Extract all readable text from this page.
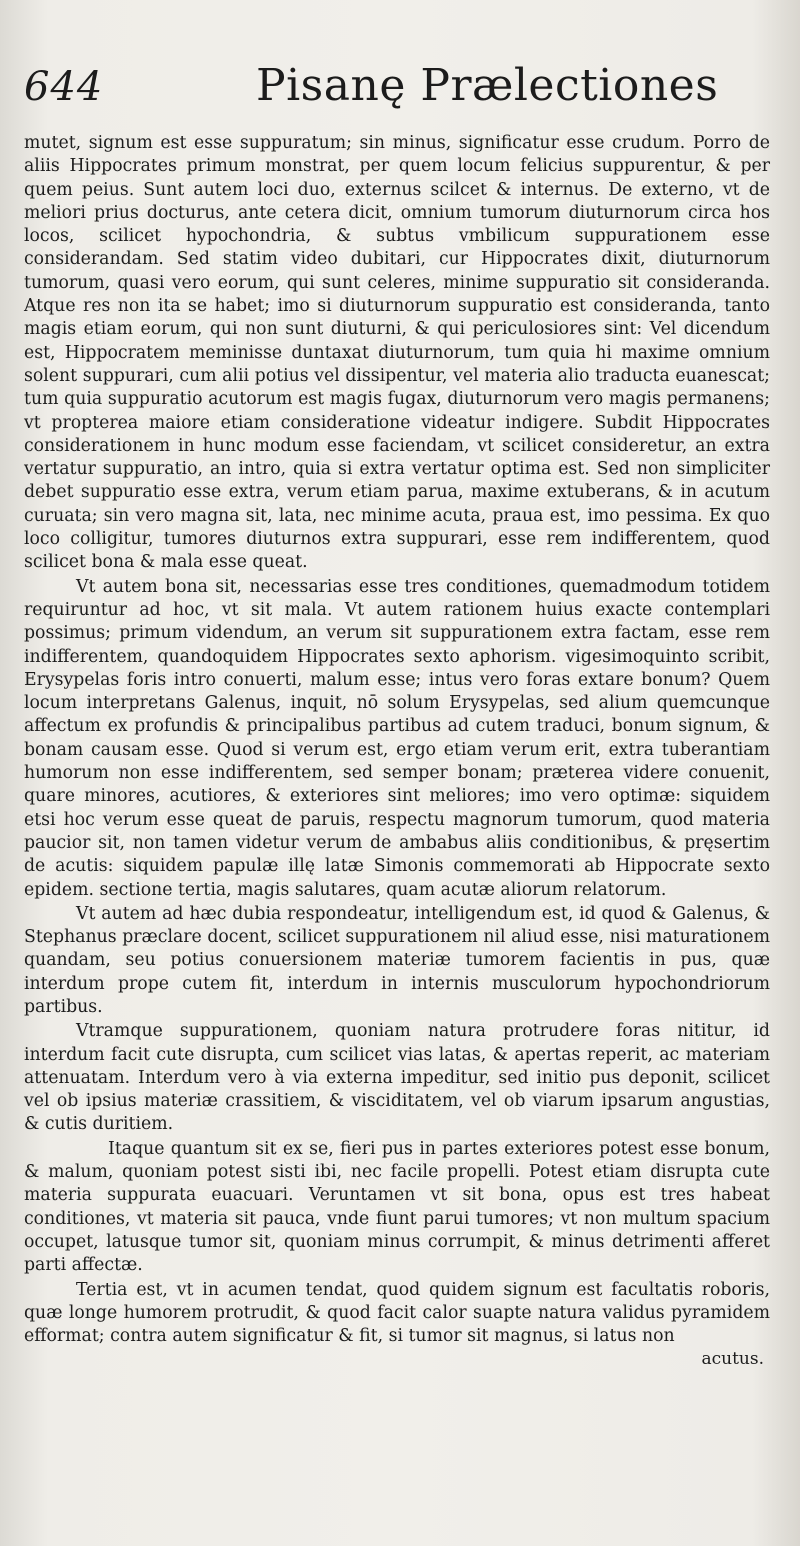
644	Pisanę Prælectiones

mutet, signum est esse suppuratum; sin minus, significatur esse crudum. Porro de aliis Hippocrates primum monstrat, per quem locum felicius suppurentur, & per quem peius. Sunt autem loci duo, externus scilcet & internus. De externo, vt de meliori prius docturus, ante cetera dicit, omnium tumorum diuturnorum circa hos locos, scilicet hypochondria, & subtus vmbilicum suppurationem esse considerandam. Sed statim video dubitari, cur Hippocrates dixit, diuturnorum tumorum, quasi vero eorum, qui sunt celeres, minime suppuratio sit consideranda. Atque res non ita se habet; imo si diuturnorum suppuratio est consideranda, tanto magis etiam eorum, qui non sunt diuturni, & qui periculosiores sint: Vel dicendum est, Hippocratem meminisse duntaxat diuturnorum, tum quia hi maxime omnium solent suppurari, cum alii potius vel dissipentur, vel materia alio traducta euanescat; tum quia suppuratio acutorum est magis fugax, diuturnorum vero magis permanens; vt propterea maiore etiam consideratione videatur indigere. Subdit Hippocrates considerationem in hunc modum esse faciendam, vt scilicet consideretur, an extra vertatur suppuratio, an intro, quia si extra vertatur optima est. Sed non simpliciter debet suppuratio esse extra, verum etiam parua, maxime extuberans, & in acutum curuata; sin vero magna sit, lata, nec minime acuta, praua est, imo pessima. Ex quo loco colligitur, tumores diuturnos extra suppurari, esse rem indifferentem, quod scilicet bona & mala esse queat.

Vt autem bona sit, necessarias esse tres conditiones, quemadmodum totidem requiruntur ad hoc, vt sit mala. Vt autem rationem huius exacte contemplari possimus; primum videndum, an verum sit suppurationem extra factam, esse rem indifferentem, quandoquidem Hippocrates sexto aphorism. vigesimoquinto scribit, Erysypelas foris intro conuerti, malum esse; intus vero foras extare bonum? Quem locum interpretans Galenus, inquit, nō solum Erysypelas, sed alium quemcunque affectum ex profundis & principalibus partibus ad cutem traduci, bonum signum, & bonam causam esse. Quod si verum est, ergo etiam verum erit, extra tuberantiam humorum non esse indifferentem, sed semper bonam; præterea videre conuenit, quare minores, acutiores, & exteriores sint meliores; imo vero optimæ: siquidem etsi hoc verum esse queat de paruis, respectu magnorum tumorum, quod materia paucior sit, non tamen videtur verum de ambabus aliis conditionibus, & pręsertim de acutis: siquidem papulæ illę latæ Simonis commemorati ab Hippocrate sexto epidem. sectione tertia, magis salutares, quam acutæ aliorum relatorum.

Vt autem ad hæc dubia respondeatur, intelligendum est, id quod & Galenus, & Stephanus præclare docent, scilicet suppurationem nil aliud esse, nisi maturationem quandam, seu potius conuersionem materiæ tumorem facientis in pus, quæ interdum prope cutem fit, interdum in internis musculorum hypochondriorum partibus.

Vtramque suppurationem, quoniam natura protrudere foras nititur, id interdum facit cute disrupta, cum scilicet vias latas, & apertas reperit, ac materiam attenuatam. Interdum vero à via externa impeditur, sed initio pus deponit, scilicet vel ob ipsius materiæ crassitiem, & visciditatem, vel ob viarum ipsarum angustias, & cutis duritiem.

Itaque quantum sit ex se, fieri pus in partes exteriores potest esse bonum, & malum, quoniam potest sisti ibi, nec facile propelli. Potest etiam disrupta cute materia suppurata euacuari. Veruntamen vt sit bona, opus est tres habeat conditiones, vt materia sit pauca, vnde fiunt parui tumores; vt non multum spacium occupet, latusque tumor sit, quoniam minus corrumpit, & minus detrimenti afferet parti affectæ.

Tertia est, vt in acumen tendat, quod quidem signum est facultatis roboris, quæ longe humorem protrudit, & quod facit calor suapte natura validus pyramidem efformat; contra autem significatur & fit, si tumor sit magnus, si latus non

acutus.
